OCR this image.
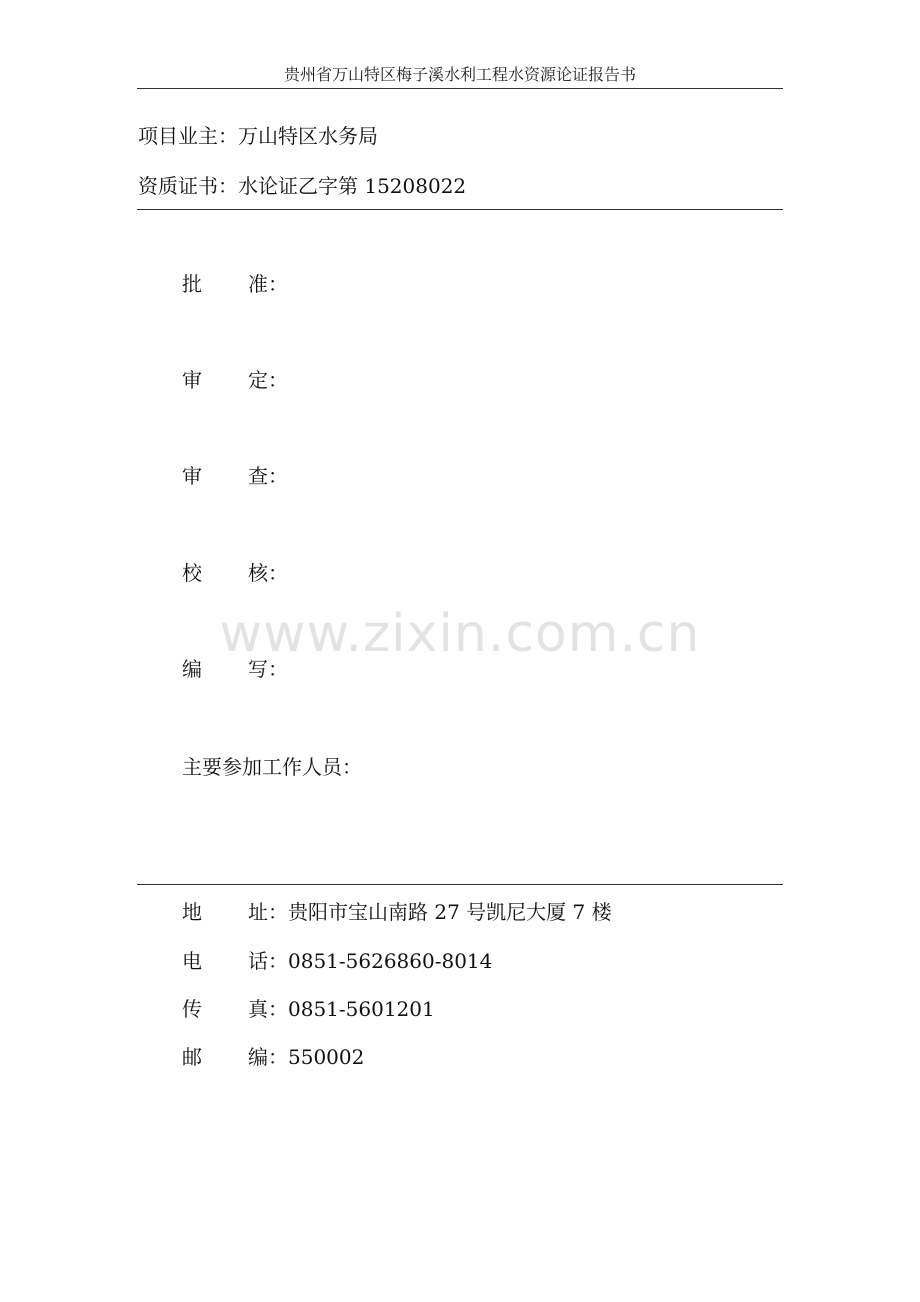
贵州省万山特区梅子溪水利工程水资源论证报告书
项目业主：万山特区水务局
资质证书：水论证乙字第 15208022
批 准：
审 定：
审 查：
校 核：
编 写：
主要参加工作人员：
www.zixin.com.cn
地 址：贵阳市宝山南路 27 号凯尼大厦 7 楼
电 话：0851-5626860-8014
传 真：0851-5601201
邮 编：550002
